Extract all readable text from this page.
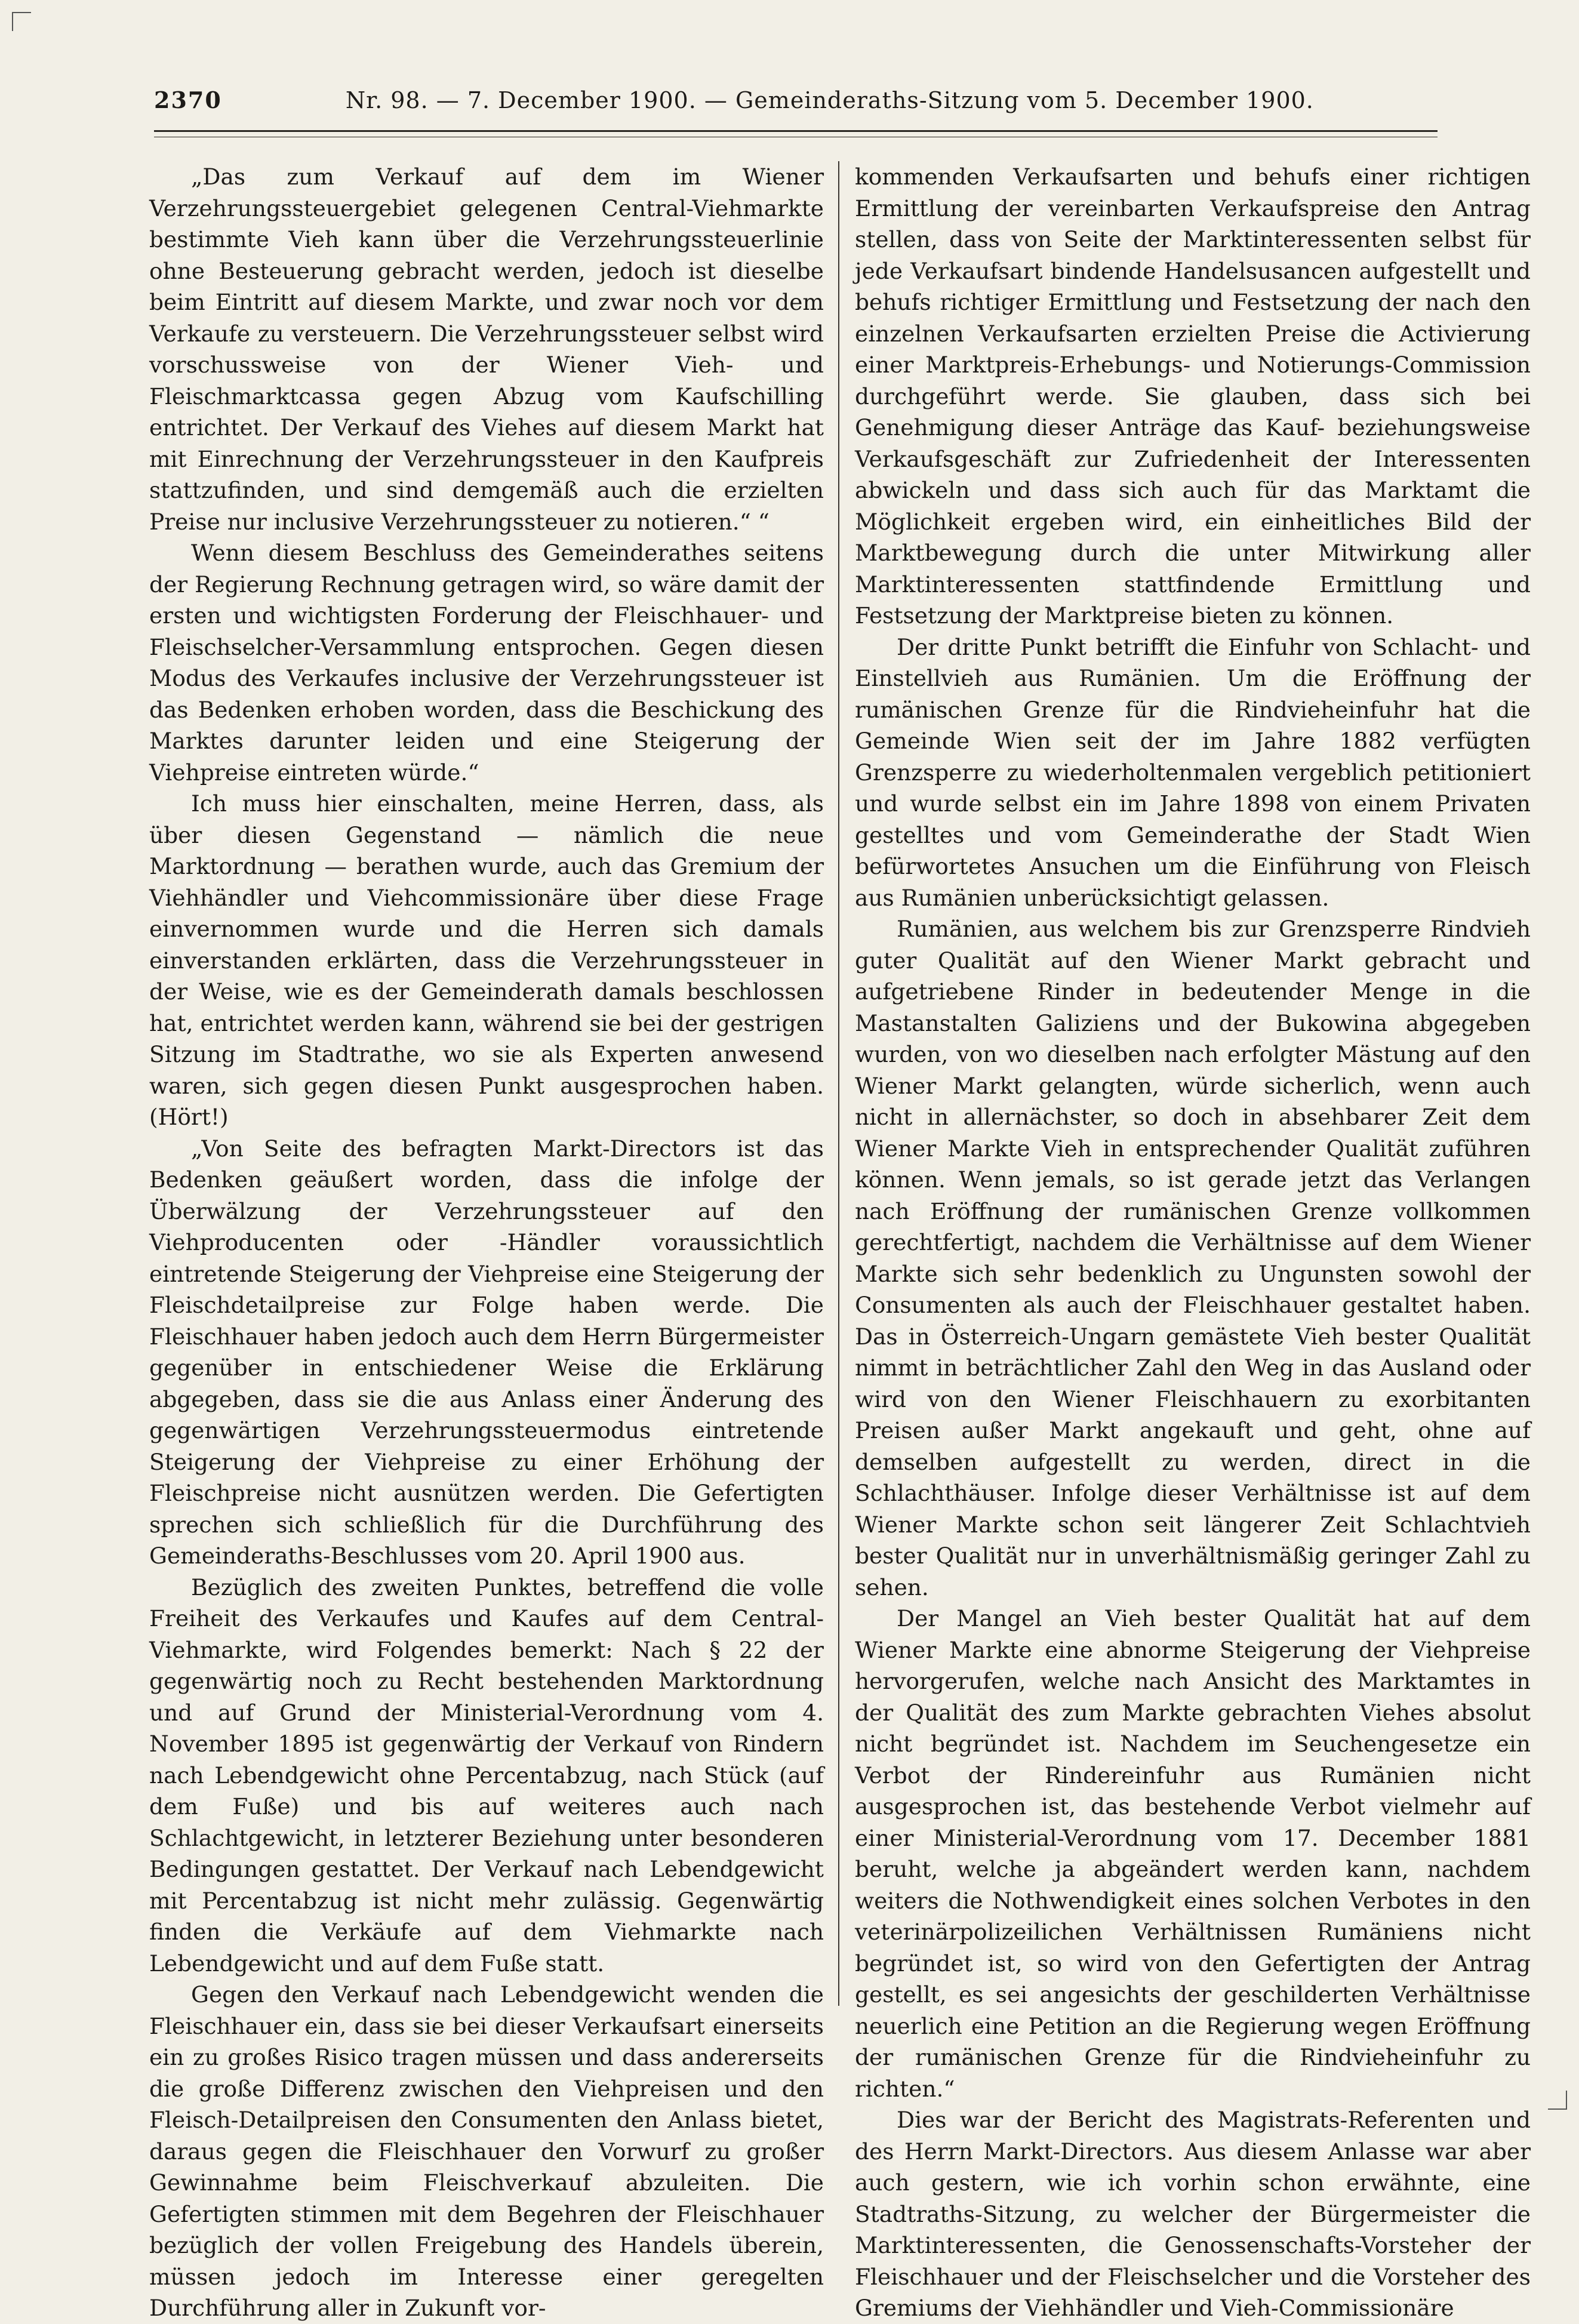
2370	Nr. 98. — 7. December 1900. — Gemeinderaths-Sitzung vom 5. December 1900.

„Das zum Verkauf auf dem im Wiener Verzehrungssteuergebiet gelegenen Central-Viehmarkte bestimmte Vieh kann über die Verzehrungssteuerlinie ohne Besteuerung gebracht werden, jedoch ist dieselbe beim Eintritt auf diesem Markte, und zwar noch vor dem Verkaufe zu versteuern. Die Verzehrungssteuer selbst wird vorschussweise von der Wiener Vieh- und Fleischmarktcassa gegen Abzug vom Kaufschilling entrichtet. Der Verkauf des Viehes auf diesem Markt hat mit Einrechnung der Verzehrungssteuer in den Kaufpreis stattzufinden, und sind demgemäß auch die erzielten Preise nur inclusive Verzehrungssteuer zu notieren.“ “

Wenn diesem Beschluss des Gemeinderathes seitens der Regierung Rechnung getragen wird, so wäre damit der ersten und wichtigsten Forderung der Fleischhauer- und Fleischselcher-Versammlung entsprochen. Gegen diesen Modus des Verkaufes inclusive der Verzehrungssteuer ist das Bedenken erhoben worden, dass die Beschickung des Marktes darunter leiden und eine Steigerung der Viehpreise eintreten würde.“

Ich muss hier einschalten, meine Herren, dass, als über diesen Gegenstand — nämlich die neue Marktordnung — berathen wurde, auch das Gremium der Viehhändler und Viehcommissionäre über diese Frage einvernommen wurde und die Herren sich damals einverstanden erklärten, dass die Verzehrungssteuer in der Weise, wie es der Gemeinderath damals beschlossen hat, entrichtet werden kann, während sie bei der gestrigen Sitzung im Stadtrathe, wo sie als Experten anwesend waren, sich gegen diesen Punkt ausgesprochen haben. (Hört!)

„Von Seite des befragten Markt-Directors ist das Bedenken geäußert worden, dass die infolge der Überwälzung der Verzehrungssteuer auf den Viehproducenten oder -Händler voraussichtlich eintretende Steigerung der Viehpreise eine Steigerung der Fleischdetailpreise zur Folge haben werde. Die Fleischhauer haben jedoch auch dem Herrn Bürgermeister gegenüber in entschiedener Weise die Erklärung abgegeben, dass sie die aus Anlass einer Änderung des gegenwärtigen Verzehrungssteuermodus eintretende Steigerung der Viehpreise zu einer Erhöhung der Fleischpreise nicht ausnützen werden. Die Gefertigten sprechen sich schließlich für die Durchführung des Gemeinderaths-Beschlusses vom 20. April 1900 aus.

Bezüglich des zweiten Punktes, betreffend die volle Freiheit des Verkaufes und Kaufes auf dem Central-Viehmarkte, wird Folgendes bemerkt: Nach § 22 der gegenwärtig noch zu Recht bestehenden Marktordnung und auf Grund der Ministerial-Verordnung vom 4. November 1895 ist gegenwärtig der Verkauf von Rindern nach Lebendgewicht ohne Percentabzug, nach Stück (auf dem Fuße) und bis auf weiteres auch nach Schlachtgewicht, in letzterer Beziehung unter besonderen Bedingungen gestattet. Der Verkauf nach Lebendgewicht mit Percentabzug ist nicht mehr zulässig. Gegenwärtig finden die Verkäufe auf dem Viehmarkte nach Lebendgewicht und auf dem Fuße statt.

Gegen den Verkauf nach Lebendgewicht wenden die Fleischhauer ein, dass sie bei dieser Verkaufsart einerseits ein zu großes Risico tragen müssen und dass andererseits die große Differenz zwischen den Viehpreisen und den Fleisch-Detailpreisen den Consumenten den Anlass bietet, daraus gegen die Fleischhauer den Vorwurf zu großer Gewinnahme beim Fleischverkauf abzuleiten. Die Gefertigten stimmen mit dem Begehren der Fleischhauer bezüglich der vollen Freigebung des Handels überein, müssen jedoch im Interesse einer geregelten Durchführung aller in Zukunft vor-

kommenden Verkaufsarten und behufs einer richtigen Ermittlung der vereinbarten Verkaufspreise den Antrag stellen, dass von Seite der Marktinteressenten selbst für jede Verkaufsart bindende Handelsusancen aufgestellt und behufs richtiger Ermittlung und Festsetzung der nach den einzelnen Verkaufsarten erzielten Preise die Activierung einer Marktpreis-Erhebungs- und Notierungs-Commission durchgeführt werde. Sie glauben, dass sich bei Genehmigung dieser Anträge das Kauf- beziehungsweise Verkaufsgeschäft zur Zufriedenheit der Interessenten abwickeln und dass sich auch für das Marktamt die Möglichkeit ergeben wird, ein einheitliches Bild der Marktbewegung durch die unter Mitwirkung aller Marktinteressenten stattfindende Ermittlung und Festsetzung der Marktpreise bieten zu können.

Der dritte Punkt betrifft die Einfuhr von Schlacht- und Einstellvieh aus Rumänien. Um die Eröffnung der rumänischen Grenze für die Rindvieheinfuhr hat die Gemeinde Wien seit der im Jahre 1882 verfügten Grenzsperre zu wiederholtenmalen vergeblich petitioniert und wurde selbst ein im Jahre 1898 von einem Privaten gestelltes und vom Gemeinderathe der Stadt Wien befürwortetes Ansuchen um die Einführung von Fleisch aus Rumänien unberücksichtigt gelassen.

Rumänien, aus welchem bis zur Grenzsperre Rindvieh guter Qualität auf den Wiener Markt gebracht und aufgetriebene Rinder in bedeutender Menge in die Mastanstalten Galiziens und der Bukowina abgegeben wurden, von wo dieselben nach erfolgter Mästung auf den Wiener Markt gelangten, würde sicherlich, wenn auch nicht in allernächster, so doch in absehbarer Zeit dem Wiener Markte Vieh in entsprechender Qualität zuführen können. Wenn jemals, so ist gerade jetzt das Verlangen nach Eröffnung der rumänischen Grenze vollkommen gerechtfertigt, nachdem die Verhältnisse auf dem Wiener Markte sich sehr bedenklich zu Ungunsten sowohl der Consumenten als auch der Fleischhauer gestaltet haben. Das in Österreich-Ungarn gemästete Vieh bester Qualität nimmt in beträchtlicher Zahl den Weg in das Ausland oder wird von den Wiener Fleischhauern zu exorbitanten Preisen außer Markt angekauft und geht, ohne auf demselben aufgestellt zu werden, direct in die Schlachthäuser. Infolge dieser Verhältnisse ist auf dem Wiener Markte schon seit längerer Zeit Schlachtvieh bester Qualität nur in unverhältnismäßig geringer Zahl zu sehen.

Der Mangel an Vieh bester Qualität hat auf dem Wiener Markte eine abnorme Steigerung der Viehpreise hervorgerufen, welche nach Ansicht des Marktamtes in der Qualität des zum Markte gebrachten Viehes absolut nicht begründet ist. Nachdem im Seuchengesetze ein Verbot der Rindereinfuhr aus Rumänien nicht ausgesprochen ist, das bestehende Verbot vielmehr auf einer Ministerial-Verordnung vom 17. December 1881 beruht, welche ja abgeändert werden kann, nachdem weiters die Nothwendigkeit eines solchen Verbotes in den veterinärpolizeilichen Verhältnissen Rumäniens nicht begründet ist, so wird von den Gefertigten der Antrag gestellt, es sei angesichts der geschilderten Verhältnisse neuerlich eine Petition an die Regierung wegen Eröffnung der rumänischen Grenze für die Rindvieheinfuhr zu richten.“

Dies war der Bericht des Magistrats-Referenten und des Herrn Markt-Directors. Aus diesem Anlasse war aber auch gestern, wie ich vorhin schon erwähnte, eine Stadtraths-Sitzung, zu welcher der Bürgermeister die Marktinteressenten, die Genossenschafts-Vorsteher der Fleischhauer und der Fleischselcher und die Vorsteher des Gremiums der Viehhändler und Vieh-Commissionäre
